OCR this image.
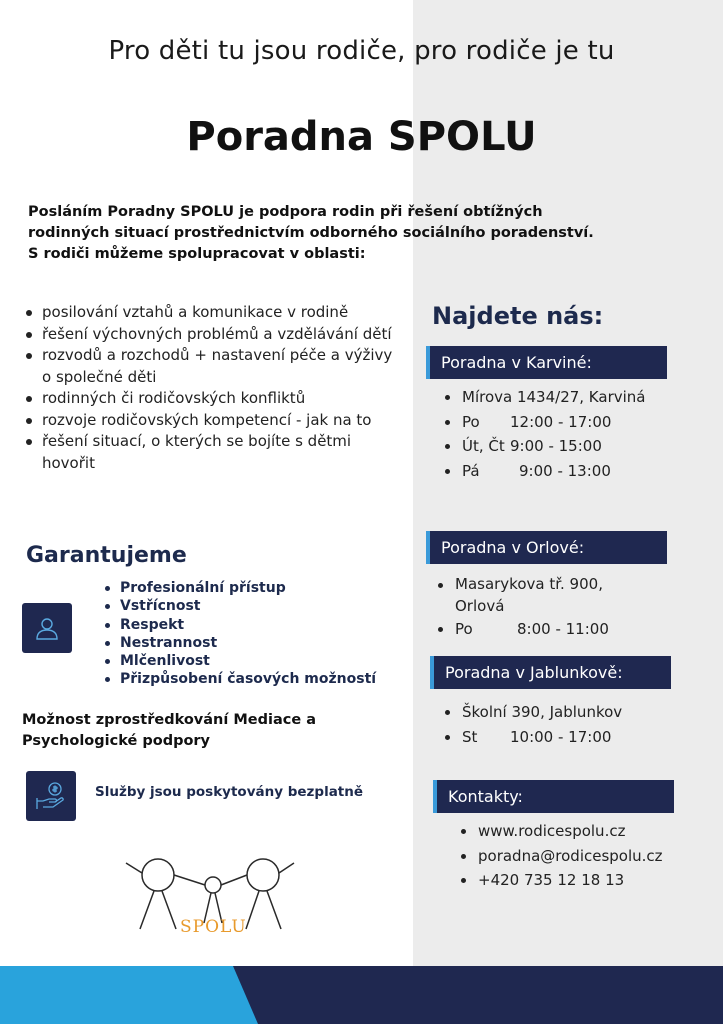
Pro děti tu jsou rodiče, pro rodiče je tu
Poradna SPOLU
Posláním Poradny SPOLU je podpora rodin při řešení obtížných
rodinných situací prostřednictvím odborného sociálního poradenství.
S rodiči můžeme spolupracovat v oblasti:
posilování vztahů a komunikace v rodině
řešení výchovných problémů a vzdělávání dětí
rozvodů a rozchodů + nastavení péče a výživy o společné děti
rodinných či rodičovských konfliktů
rozvoje rodičovských kompetencí - jak na to
řešení situací, o kterých se bojíte s dětmi hovořit
Garantujeme
Profesionální přístup
Vstřícnost
Respekt
Nestrannost
Mlčenlivost
Přizpůsobení časových možností
Možnost zprostředkování Mediace a
Psychologické podpory
Služby jsou poskytovány bezplatně
SPOLU
Najdete nás:
Poradna v Karviné:
Mírova 1434/27, Karviná
Po 12:00 - 17:00
Út, Čt 9:00 - 15:00
Pá	9:00 - 13:00
Poradna v Orlové:
Masarykova tř. 900, Orlová
Po	8:00 - 11:00
Poradna v Jablunkově:
Školní 390, Jablunkov
St 10:00 - 17:00
Kontakty:
www.rodicespolu.cz
poradna@rodicespolu.cz
+420 735 12 18 13
